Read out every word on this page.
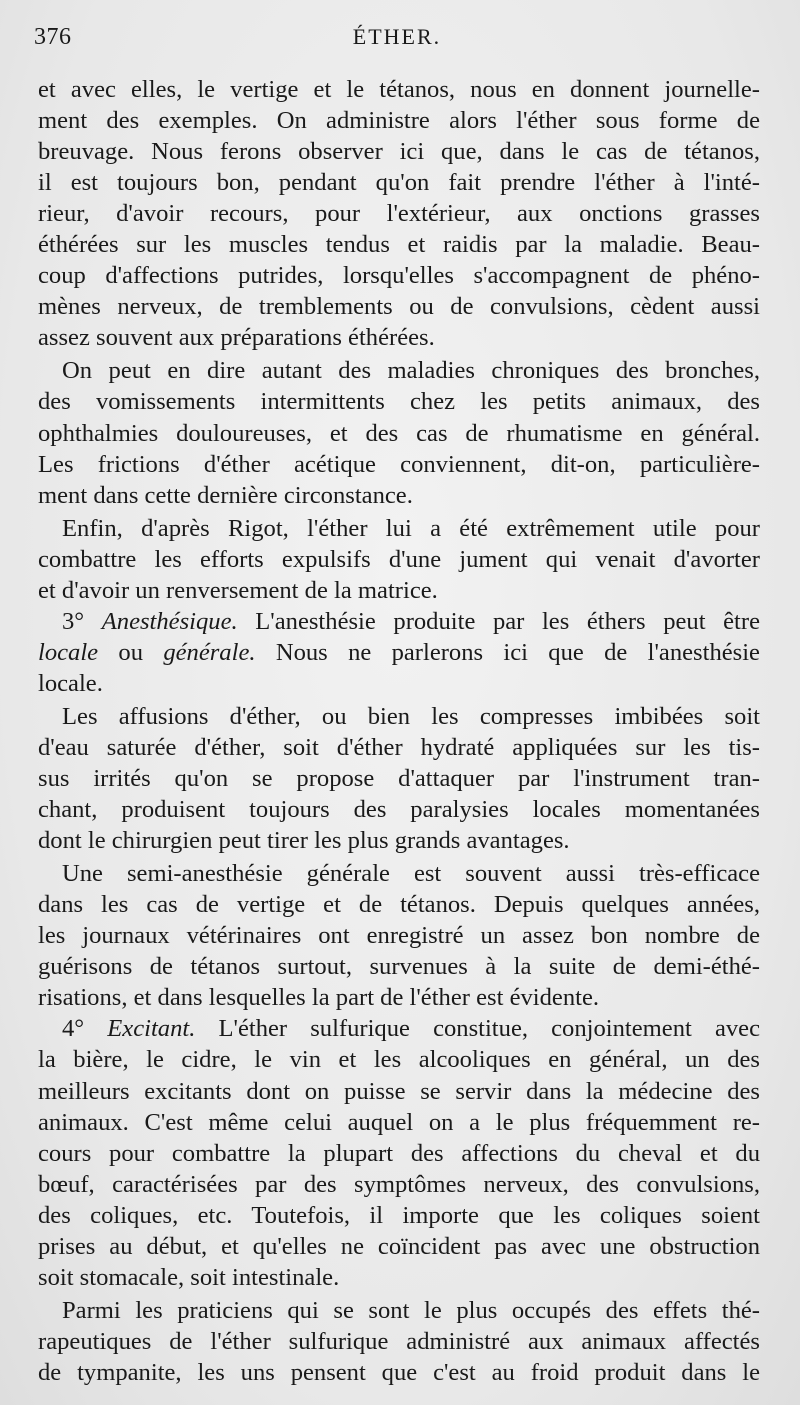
376	ÉTHER.
et avec elles, le vertige et le tétanos, nous en donnent journelle-
ment des exemples. On administre alors l'éther sous forme de
breuvage. Nous ferons observer ici que, dans le cas de tétanos,
il est toujours bon, pendant qu'on fait prendre l'éther à l'inté-
rieur, d'avoir recours, pour l'extérieur, aux onctions grasses
éthérées sur les muscles tendus et raidis par la maladie. Beau-
coup d'affections putrides, lorsqu'elles s'accompagnent de phéno-
mènes nerveux, de tremblements ou de convulsions, cèdent aussi
assez souvent aux préparations éthérées.
On peut en dire autant des maladies chroniques des bronches,
des vomissements intermittents chez les petits animaux, des
ophthalmies douloureuses, et des cas de rhumatisme en général.
Les frictions d'éther acétique conviennent, dit-on, particulière-
ment dans cette dernière circonstance.
Enfin, d'après Rigot, l'éther lui a été extrêmement utile pour
combattre les efforts expulsifs d'une jument qui venait d'avorter
et d'avoir un renversement de la matrice.
3° Anesthésique. L'anesthésie produite par les éthers peut être
locale ou générale. Nous ne parlerons ici que de l'anesthésie
locale.
Les affusions d'éther, ou bien les compresses imbibées soit
d'eau saturée d'éther, soit d'éther hydraté appliquées sur les tis-
sus irrités qu'on se propose d'attaquer par l'instrument tran-
chant, produisent toujours des paralysies locales momentanées
dont le chirurgien peut tirer les plus grands avantages.
Une semi-anesthésie générale est souvent aussi très-efficace
dans les cas de vertige et de tétanos. Depuis quelques années,
les journaux vétérinaires ont enregistré un assez bon nombre de
guérisons de tétanos surtout, survenues à la suite de demi-éthé-
risations, et dans lesquelles la part de l'éther est évidente.
4° Excitant. L'éther sulfurique constitue, conjointement avec
la bière, le cidre, le vin et les alcooliques en général, un des
meilleurs excitants dont on puisse se servir dans la médecine des
animaux. C'est même celui auquel on a le plus fréquemment re-
cours pour combattre la plupart des affections du cheval et du
bœuf, caractérisées par des symptômes nerveux, des convulsions,
des coliques, etc. Toutefois, il importe que les coliques soient
prises au début, et qu'elles ne coïncident pas avec une obstruction
soit stomacale, soit intestinale.
Parmi les praticiens qui se sont le plus occupés des effets thé-
rapeutiques de l'éther sulfurique administré aux animaux affectés
de tympanite, les uns pensent que c'est au froid produit dans le
